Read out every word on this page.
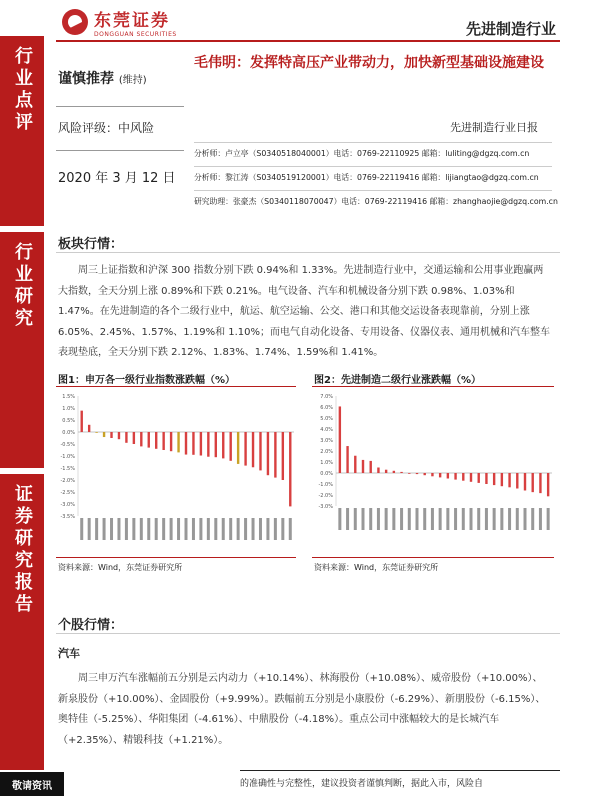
行业点评
行业研究
证券研究报告
东莞证券
DONGGUAN SECURITIES	先进制造行业
谨慎推荐 (维持)
风险评级：中风险
2020 年 3 月 12 日
毛伟明：发挥特高压产业带动力，加快新型基础设施建设
先进制造行业日报
分析师：卢立亭（S0340518040001）电话：0769-22110925 邮箱：luliting@dgzq.com.cn
分析师：黎江涛（S0340519120001）电话：0769-22119416 邮箱：lijiangtao@dgzq.com.cn
研究助理：张豪杰（S0340118070047）电话：0769-22119416 邮箱：zhanghaojie@dgzq.com.cn
板块行情：
周三上证指数和沪深 300 指数分别下跌 0.94%和 1.33%。先进制造行业中，交通运输和公用事业跑赢两大指数，全天分别上涨 0.89%和下跌 0.21%。电气设备、汽车和机械设备分别下跌 0.98%、1.03%和 1.47%。在先进制造的各个二级行业中，航运、航空运输、公交、港口和其他交运设备表现靠前，分别上涨 6.05%、2.45%、1.57%、1.19%和 1.10%；而电气自动化设备、专用设备、仪器仪表、通用机械和汽车整车表现垫底，全天分别下跌 2.12%、1.83%、1.74%、1.59%和 1.41%。
图1：申万各一级行业指数涨跌幅（%）
1.5%
1.0%
0.5%
0.0%
-0.5%
-1.0%
-1.5%
-2.0%
-2.5%
-3.0%
-3.5%
资料来源：Wind，东莞证券研究所
图2：先进制造二级行业涨跌幅（%）
7.0%
6.0%
5.0%
4.0%
3.0%
2.0%
1.0%
0.0%
-1.0%
-2.0%
-3.0%
资料来源：Wind，东莞证券研究所
个股行情：
汽车
周三申万汽车涨幅前五分别是云内动力（+10.14%）、林海股份（+10.08%）、威帝股份（+10.00%）、新泉股份（+10.00%）、金固股份（+9.99%）。跌幅前五分别是小康股份（-6.29%）、新朋股份（-6.15%）、奥特佳（-5.25%）、华阳集团（-4.61%）、中鼎股份（-4.18%）。重点公司中涨幅较大的是长城汽车（+2.35%）、精锻科技（+1.21%）。
敬请资讯	的准确性与完整性，建议投资者谨慎判断，据此入市，风险自
